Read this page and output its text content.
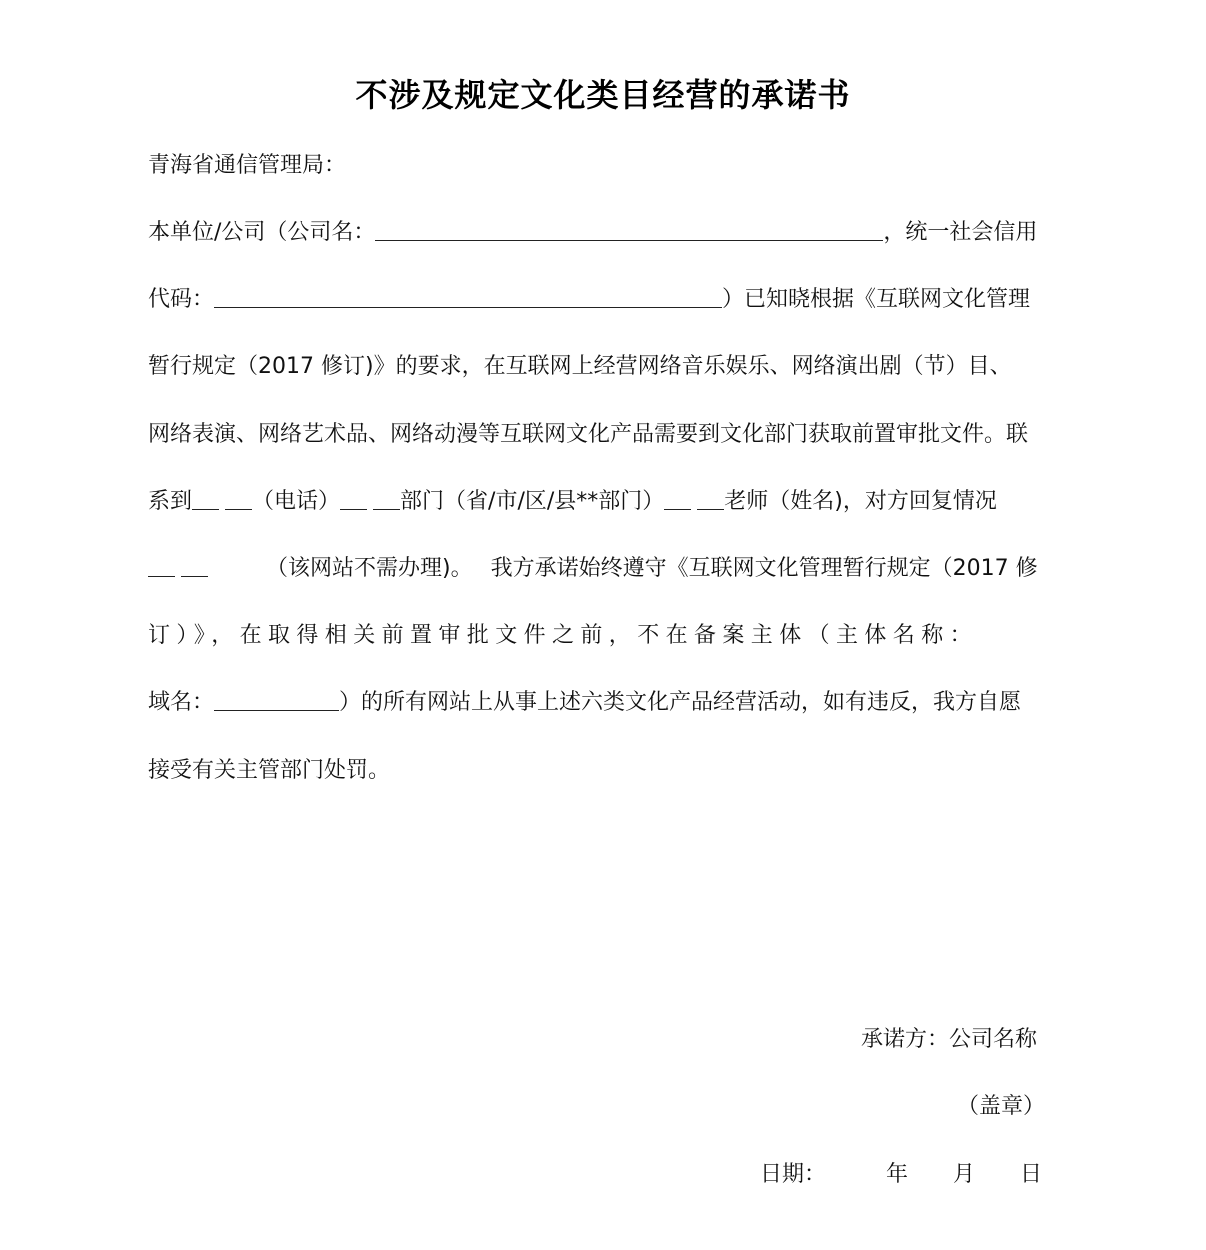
不涉及规定文化类目经营的承诺书
青海省通信管理局：
本单位/公司（公司名：	，统一社会信用
代码：	）已知晓根据《互联网文化管理
暂行规定（2017 修订)》的要求，在互联网上经营网络音乐娱乐、网络演出剧（节）目、
网络表演、网络艺术品、网络动漫等互联网文化产品需要到文化部门获取前置审批文件。联
系到	（电话）	部门（省/市/区/县**部门）	老师（姓名)，对方回复情况
（该网站不需办理)。 我方承诺始终遵守《互联网文化管理暂行规定（2017 修
订）》，在取得相关前置审批文件之前，不在备案主体（主体名称：
域名：	）的所有网站上从事上述六类文化产品经营活动，如有违反，我方自愿
接受有关主管部门处罚。
承诺方：公司名称
（盖章）
日期：	年 月 日
